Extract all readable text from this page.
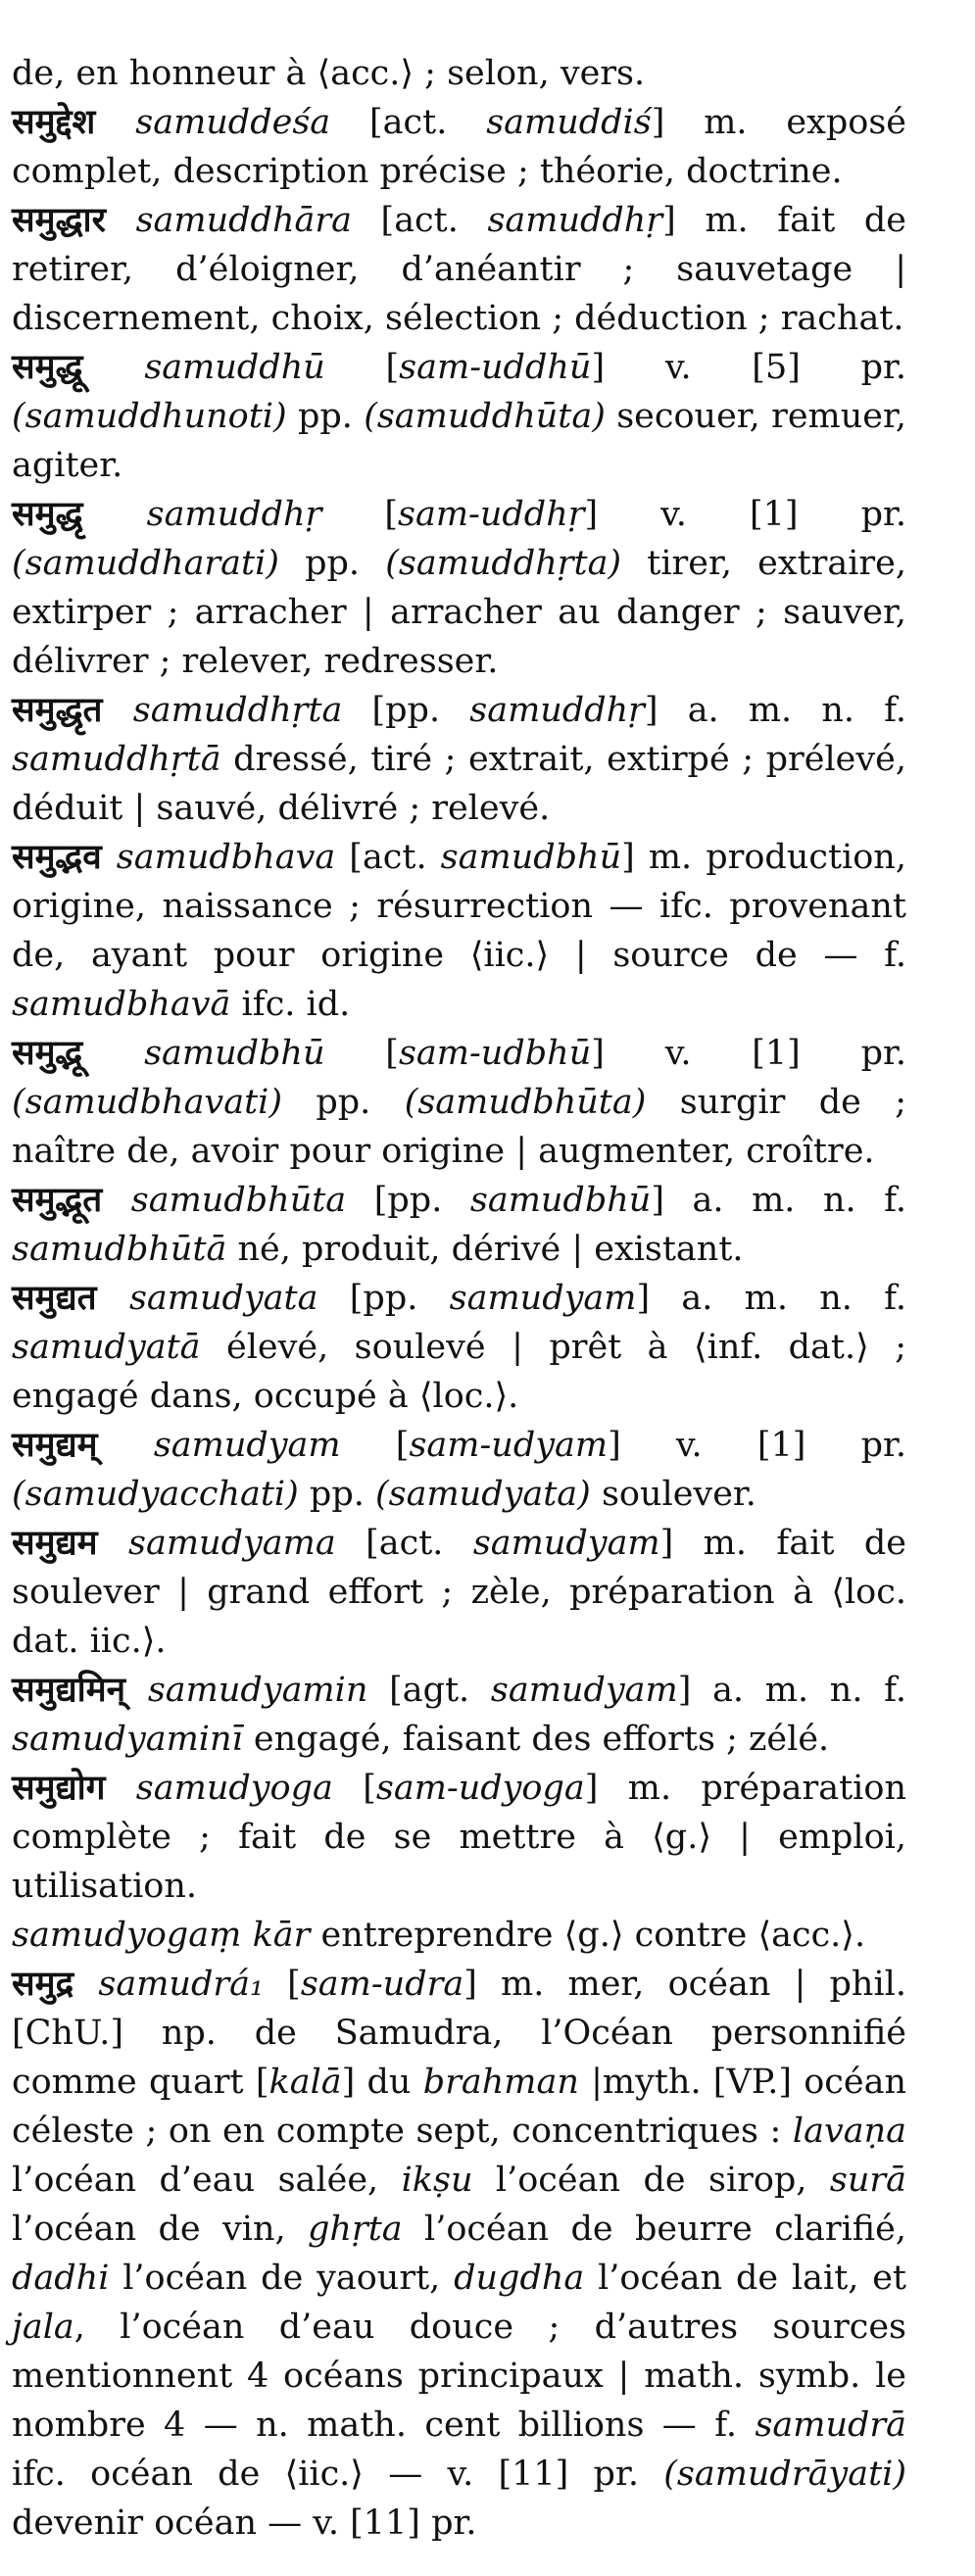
de, en honneur à ⟨acc.⟩ ; selon, vers.

समुद्देश samuddeśa [act. samuddiś] m. exposé complet, description précise ; théorie, doctrine.

समुद्धार samuddhāra [act. samuddhṛ] m. fait de retirer, d’éloigner, d’anéantir ; sauvetage | discernement, choix, sélection ; déduction ; rachat.

समुद्धू samuddhū [sam-uddhū] v. [5] pr. (samuddhunoti) pp. (samuddhūta) secouer, remuer, agiter.

समुद्धृ samuddhṛ [sam-uddhṛ] v. [1] pr. (samuddharati) pp. (samuddhṛta) tirer, extraire, extirper ; arracher | arracher au danger ; sauver, délivrer ; relever, redresser.

समुद्धृत samuddhṛta [pp. samuddhṛ] a. m. n. f. samuddhṛtā dressé, tiré ; extrait, extirpé ; prélevé, déduit | sauvé, délivré ; relevé.

समुद्भव samudbhava [act. samudbhū] m. production, origine, naissance ; résurrection — ifc. provenant de, ayant pour origine ⟨iic.⟩ | source de — f. samudbhavā ifc. id.

समुद्भू samudbhū [sam-udbhū] v. [1] pr. (samudbhavati) pp. (samudbhūta) surgir de ; naître de, avoir pour origine | augmenter, croître.

समुद्भूत samudbhūta [pp. samudbhū] a. m. n. f. samudbhūtā né, produit, dérivé | existant.

समुद्यत samudyata [pp. samudyam] a. m. n. f. samudyatā élevé, soulevé | prêt à ⟨inf. dat.⟩ ; engagé dans, occupé à ⟨loc.⟩.

समुद्यम् samudyam [sam-udyam] v. [1] pr. (samudyacchati) pp. (samudyata) soulever.

समुद्यम samudyama [act. samudyam] m. fait de soulever | grand effort ; zèle, préparation à ⟨loc. dat. iic.⟩.

समुद्यमिन् samudyamin [agt. samudyam] a. m. n. f. samudyaminī engagé, faisant des efforts ; zélé.

समुद्योग samudyoga [sam-udyoga] m. préparation complète ; fait de se mettre à ⟨g.⟩ | emploi, utilisation.

samudyogaṃ kār entreprendre ⟨g.⟩ contre ⟨acc.⟩.

समुद्र samudrá₁ [sam-udra] m. mer, océan | phil. [ChU.] np. de Samudra, l’Océan personnifié comme quart [kalā] du brahman |myth. [VP.] océan céleste ; on en compte sept, concentriques : lavaṇa l’océan d’eau salée, ikṣu l’océan de sirop, surā l’océan de vin, ghṛta l’océan de beurre clarifié, dadhi l’océan de yaourt, dugdha l’océan de lait, et jala, l’océan d’eau douce ; d’autres sources mentionnent 4 océans principaux | math. symb. le nombre 4 — n. math. cent billions — f. samudrā ifc. océan de ⟨iic.⟩ — v. [11] pr. (samudrāyati) devenir océan — v. [11] pr.
